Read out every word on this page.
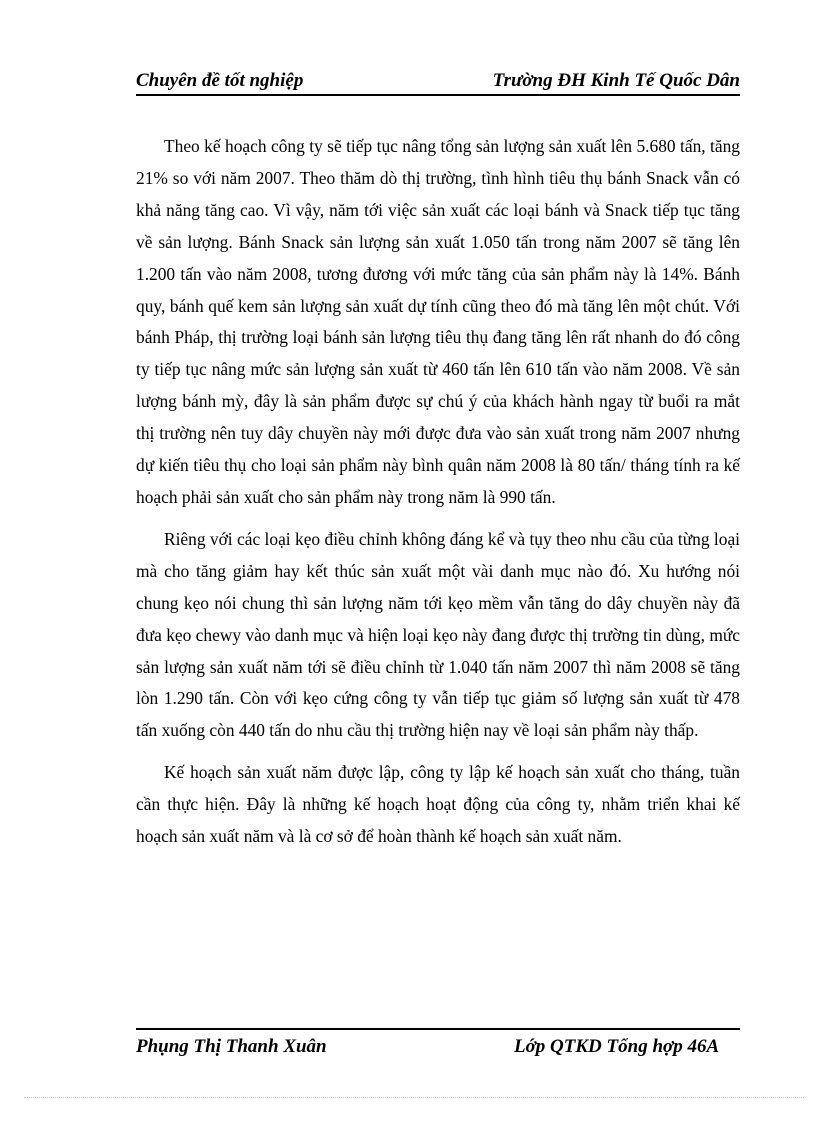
Chuyên đề tốt nghiệp	Trường ĐH Kinh Tế Quốc Dân

Theo kế hoạch công ty sẽ tiếp tục nâng tổng sản lượng sản xuất lên 5.680 tấn, tăng 21% so với năm 2007. Theo thăm dò thị trường, tình hình tiêu thụ bánh Snack vẫn có khả năng tăng cao. Vì vậy, năm tới việc sản xuất các loại bánh và Snack tiếp tục tăng về sản lượng. Bánh Snack sản lượng sản xuất 1.050 tấn trong năm 2007 sẽ tăng lên 1.200 tấn vào năm 2008, tương đương với mức tăng của sản phẩm này là 14%. Bánh quy, bánh quế kem sản lượng sản xuất dự tính cũng theo đó mà tăng lên một chút. Với bánh Pháp, thị trường loại bánh sản lượng tiêu thụ đang tăng lên rất nhanh do đó công ty tiếp tục nâng mức sản lượng sản xuất từ 460 tấn lên 610 tấn vào năm 2008. Về sản lượng bánh mỳ, đây là sản phẩm được sự chú ý của khách hành ngay từ buổi ra mắt thị trường nên tuy dây chuyền này mới được đưa vào sản xuất trong năm 2007 nhưng dự kiến tiêu thụ cho loại sản phẩm này bình quân năm 2008 là 80 tấn/ tháng tính ra kế hoạch phải sản xuất cho sản phẩm này trong năm là 990 tấn.

Riêng với các loại kẹo điều chỉnh không đáng kể và tụy theo nhu cầu của từng loại mà cho tăng giảm hay kết thúc sản xuất một vài danh mục nào đó. Xu hướng nói chung kẹo nói chung thì sản lượng năm tới kẹo mềm vẫn tăng do dây chuyền này đã đưa kẹo chewy vào danh mục và hiện loại kẹo này đang được thị trường tin dùng, mức sản lượng sản xuất năm tới sẽ điều chỉnh từ 1.040 tấn năm 2007 thì năm 2008 sẽ tăng lòn 1.290 tấn. Còn với kẹo cứng công ty vẫn tiếp tục giảm số lượng sản xuất từ 478 tấn xuống còn 440 tấn do nhu cầu thị trường hiện nay về loại sản phẩm này thấp.

Kế hoạch sản xuất năm được lập, công ty lập kế hoạch sản xuất cho tháng, tuần cần thực hiện. Đây là những kế hoạch hoạt động của công ty, nhằm triển khai kế hoạch sản xuất năm và là cơ sở để hoàn thành kế hoạch sản xuất năm.

Phụng Thị Thanh Xuân	Lớp QTKD Tổng hợp 46A
